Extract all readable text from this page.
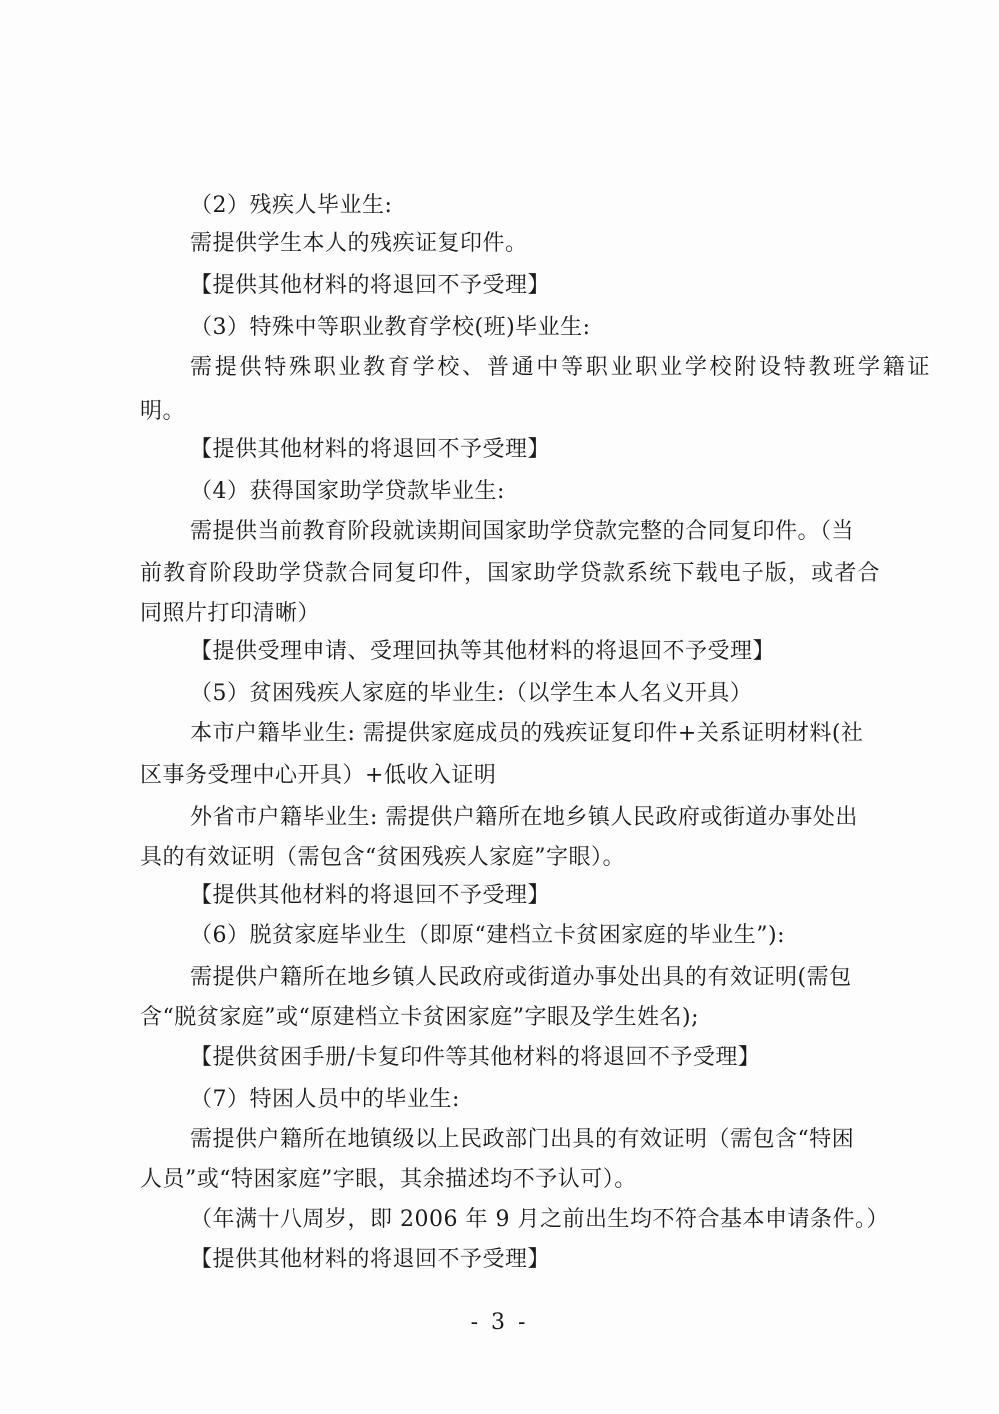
（2）残疾人毕业生:

需提供学生本人的残疾证复印件。

【提供其他材料的将退回不予受理】

（3）特殊中等职业教育学校(班)毕业生:

需提供特殊职业教育学校、普通中等职业职业学校附设特教班学籍证

明。

【提供其他材料的将退回不予受理】

（4）获得国家助学贷款毕业生:

需提供当前教育阶段就读期间国家助学贷款完整的合同复印件。（当

前教育阶段助学贷款合同复印件，国家助学贷款系统下载电子版，或者合

同照片打印清晰）

【提供受理申请、受理回执等其他材料的将退回不予受理】

（5）贫困残疾人家庭的毕业生:（以学生本人名义开具）

本市户籍毕业生: 需提供家庭成员的残疾证复印件+关系证明材料(社

区事务受理中心开具）+低收入证明

外省市户籍毕业生: 需提供户籍所在地乡镇人民政府或街道办事处出

具的有效证明（需包含“贫困残疾人家庭”字眼）。

【提供其他材料的将退回不予受理】

（6）脱贫家庭毕业生（即原“建档立卡贫困家庭的毕业生”):

需提供户籍所在地乡镇人民政府或街道办事处出具的有效证明(需包

含“脱贫家庭”或“原建档立卡贫困家庭”字眼及学生姓名);

【提供贫困手册/卡复印件等其他材料的将退回不予受理】

（7）特困人员中的毕业生:

需提供户籍所在地镇级以上民政部门出具的有效证明（需包含“特困

人员”或“特困家庭”字眼，其余描述均不予认可）。

（年满十八周岁，即 2006 年 9 月之前出生均不符合基本申请条件。）

【提供其他材料的将退回不予受理】

- 3 -
